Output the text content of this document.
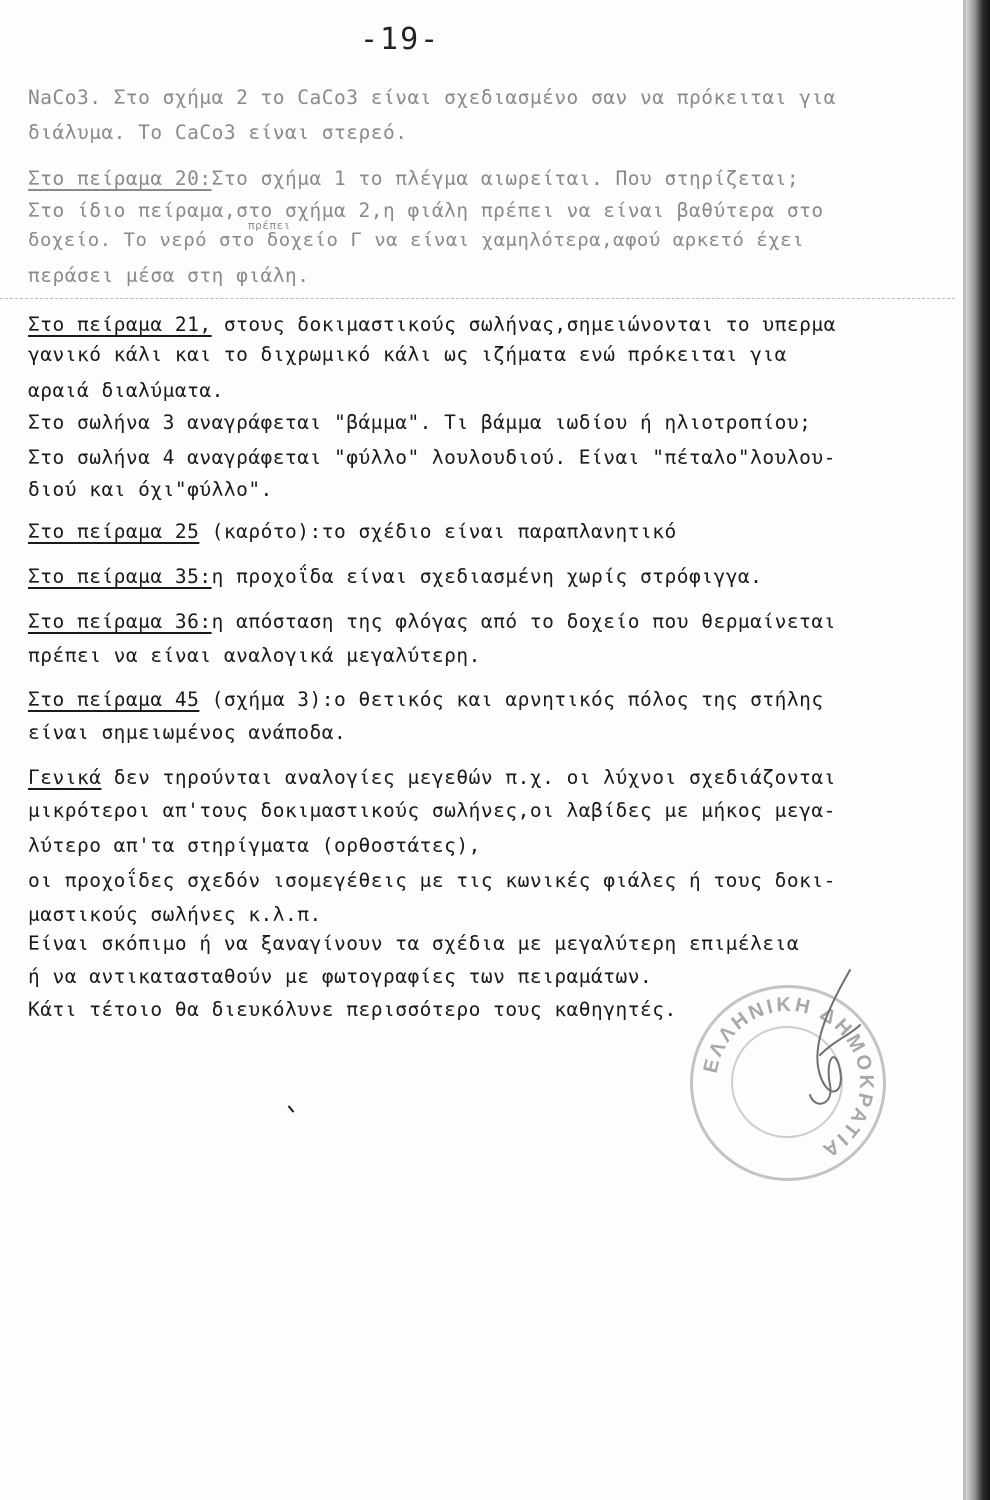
-19-
NaCo3. Στο σχήμα 2 το CaCo3 είναι σχεδιασμένο σαν να πρόκειται για
διάλυμα. Το CaCo3 είναι στερεό.
Στο πείραμα 20:Στο σχήμα 1 το πλέγμα αιωρείται. Που στηρίζεται;
Στο ίδιο πείραμα,στο σχήμα 2,η φιάλη πρέπει να είναι βαθύτερα στο
δοχείο. Το νερό στο δοχείο Γ να είναι χαμηλότερα,αφού αρκετό έχει
πρέπει
περάσει μέσα στη φιάλη.
Στο πείραμα 21, στους δοκιμαστικούς σωλήνας,σημειώνονται το υπερμα
γανικό κάλι και το διχρωμικό κάλι ως ιζήματα ενώ πρόκειται για
αραιά διαλύματα.
Στο σωλήνα 3 αναγράφεται "βάμμα". Τι βάμμα ιωδίου ή ηλιοτροπίου;
Στο σωλήνα 4 αναγράφεται "φύλλο" λουλουδιού. Είναι "πέταλο"λουλου-
διού και όχι"φύλλο".
Στο πείραμα 25 (καρότο):το σχέδιο είναι παραπλανητικό
Στο πείραμα 35:η προχοΐδα είναι σχεδιασμένη χωρίς στρόφιγγα.
Στο πείραμα 36:η απόσταση της φλόγας από το δοχείο που θερμαίνεται
πρέπει να είναι αναλογικά μεγαλύτερη.
Στο πείραμα 45 (σχήμα 3):ο θετικός και αρνητικός πόλος της στήλης
είναι σημειωμένος ανάποδα.
Γενικά δεν τηρούνται αναλογίες μεγεθών π.χ. οι λύχνοι σχεδιάζονται
μικρότεροι απ'τους δοκιμαστικούς σωλήνες,οι λαβίδες με μήκος μεγα-
λύτερο απ'τα στηρίγματα (ορθοστάτες),
οι προχοΐδες σχεδόν ισομεγέθεις με τις κωνικές φιάλες ή τους δοκι-
μαστικούς σωλήνες κ.λ.π.
Είναι σκόπιμο ή να ξαναγίνουν τα σχέδια με μεγαλύτερη επιμέλεια
ή να αντικατασταθούν με φωτογραφίες των πειραμάτων.
Κάτι τέτοιο θα διευκόλυνε περισσότερο τους καθηγητές.
ΕΛΛΗΝΙΚΗ ΔΗΜΟΚΡΑΤΙΑ
